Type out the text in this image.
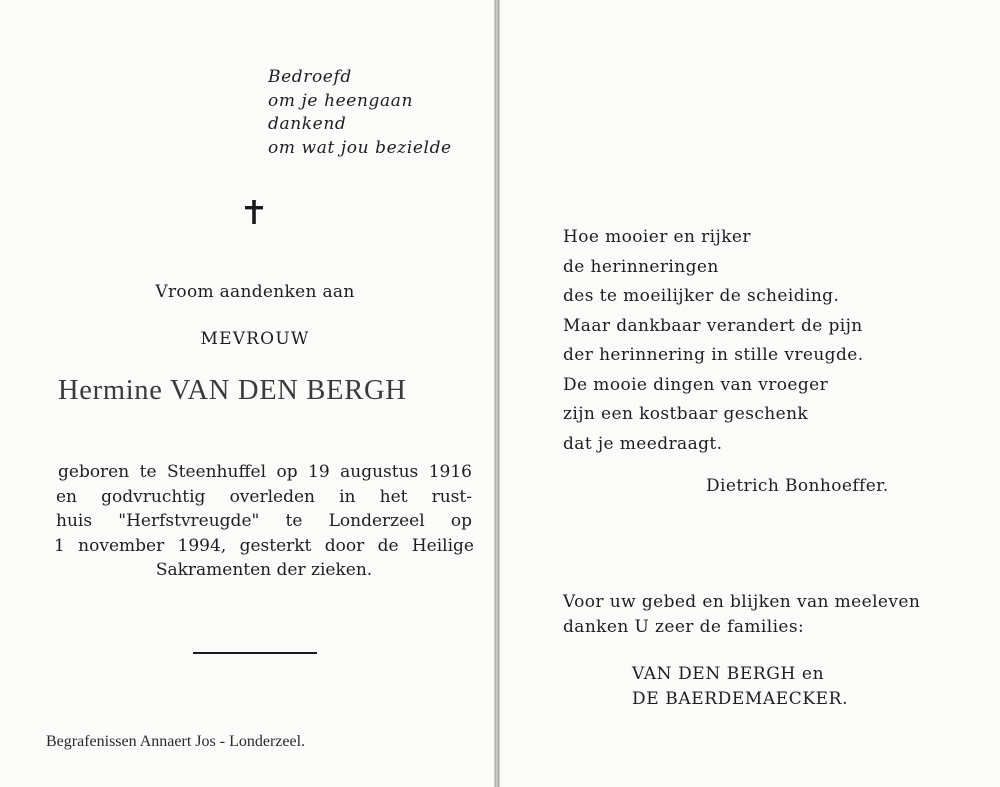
Bedroefd
om je heengaan
dankend
om wat jou bezielde
Vroom aandenken aan
MEVROUW
Hermine VAN DEN BERGH
geboren te Steenhuffel op 19 augustus 1916
en godvruchtig overleden in het rust-
huis "Herfstvreugde" te Londerzeel op
1 november 1994, gesterkt door de Heilige
Sakramenten der zieken.
Begrafenissen Annaert Jos - Londerzeel.
Hoe mooier en rijker
de herinneringen
des te moeilijker de scheiding.
Maar dankbaar verandert de pijn
der herinnering in stille vreugde.
De mooie dingen van vroeger
zijn een kostbaar geschenk
dat je meedraagt.
Dietrich Bonhoeffer.
Voor uw gebed en blijken van meeleven
danken U zeer de families:
VAN DEN BERGH en
DE BAERDEMAECKER.
